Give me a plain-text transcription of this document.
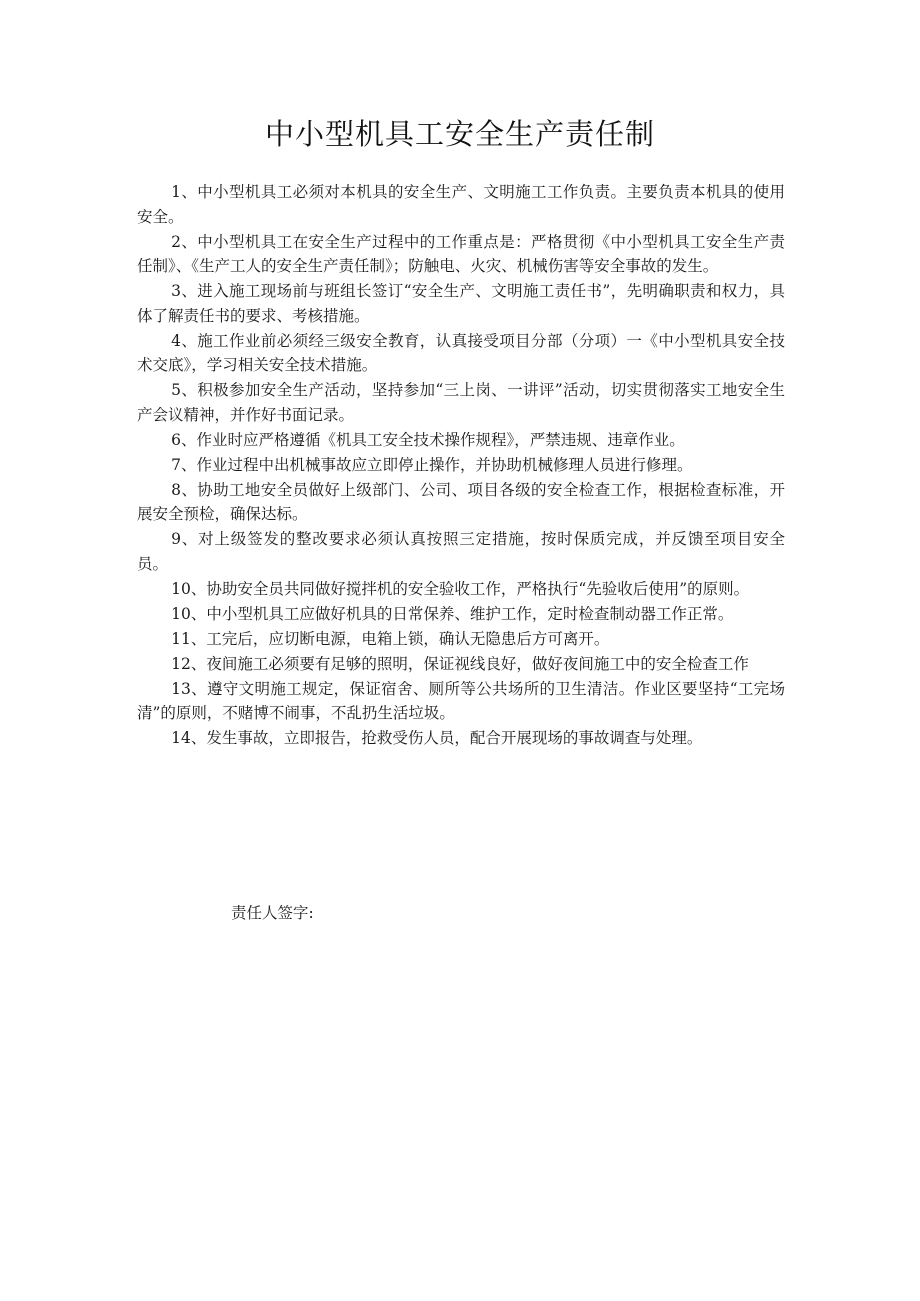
中小型机具工安全生产责任制

1、中小型机具工必须对本机具的安全生产、文明施工工作负责。主要负责本机具的使用安全。

2、中小型机具工在安全生产过程中的工作重点是：严格贯彻《中小型机具工安全生产责任制》、《生产工人的安全生产责任制》；防触电、火灾、机械伤害等安全事故的发生。

3、进入施工现场前与班组长签订“安全生产、文明施工责任书”，先明确职责和权力，具体了解责任书的要求、考核措施。

4、施工作业前必须经三级安全教育，认真接受项目分部（分项）一《中小型机具安全技术交底》，学习相关安全技术措施。

5、积极参加安全生产活动，坚持参加“三上岗、一讲评”活动，切实贯彻落实工地安全生产会议精神，并作好书面记录。

6、作业时应严格遵循《机具工安全技术操作规程》，严禁违规、违章作业。

7、作业过程中出机械事故应立即停止操作，并协助机械修理人员进行修理。

8、协助工地安全员做好上级部门、公司、项目各级的安全检查工作，根据检查标准，开展安全预检，确保达标。

9、对上级签发的整改要求必须认真按照三定措施，按时保质完成，并反馈至项目安全员。

10、协助安全员共同做好搅拌机的安全验收工作，严格执行“先验收后使用”的原则。

10、中小型机具工应做好机具的日常保养、维护工作，定时检查制动器工作正常。

11、工完后，应切断电源，电箱上锁，确认无隐患后方可离开。

12、夜间施工必须要有足够的照明，保证视线良好，做好夜间施工中的安全检查工作

13、遵守文明施工规定，保证宿舍、厕所等公共场所的卫生清洁。作业区要坚持“工完场清”的原则，不赌博不闹事，不乱扔生活垃圾。

14、发生事故，立即报告，抢救受伤人员，配合开展现场的事故调查与处理。

责任人签字:
